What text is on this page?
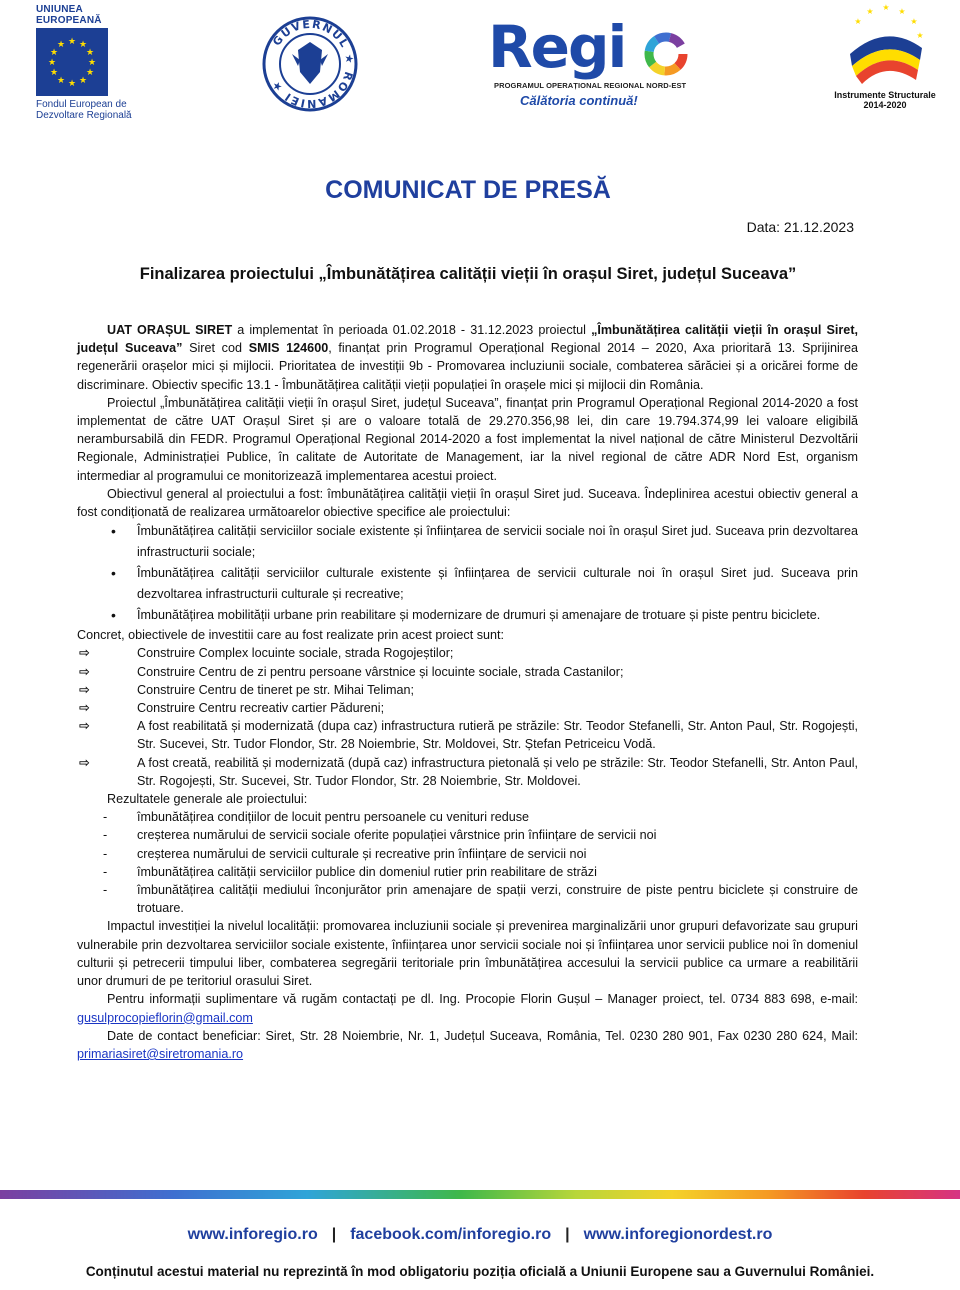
UNIUNEA EUROPEANĂ
★ ★
★
★
★
★
★
★
★
★
★
★
Fondul European de
Dezvoltare Regională
GUVERNUL ★ ROMÂNIEI ★
Regi
PROGRAMUL OPERAȚIONAL REGIONAL NORD-EST
Călătoria continuă!
★
★ ★ ★
★
★
Instrumente Structurale
2014-2020
COMUNICAT DE PRESĂ
Data: 21.12.2023
Finalizarea proiectului „Îmbunătățirea calității vieții în orașul Siret, județul Suceava”

UAT ORAȘUL SIRET a implementat în perioada 01.02.2018 - 31.12.2023 proiectul „Îmbunătățirea calității vieții în orașul Siret, județul Suceava” Siret cod SMIS 124600, finanțat prin Programul Operațional Regional 2014 – 2020, Axa prioritară 13. Sprijinirea regenerării orașelor mici și mijlocii. Prioritatea de investiții 9b - Promovarea incluziunii sociale, combaterea sărăciei și a oricărei forme de discriminare. Obiectiv specific 13.1 - Îmbunătățirea calității vieții populației în orașele mici și mijlocii din România.

Proiectul „Îmbunătățirea calității vieții în orașul Siret, județul Suceava”, finanțat prin Programul Operațional Regional 2014-2020 a fost implementat de către UAT Orașul Siret și are o valoare totală de 29.270.356,98 lei, din care 19.794.374,99 lei valoare eligibilă nerambursabilă din FEDR. Programul Operațional Regional 2014-2020 a fost implementat la nivel național de către Ministerul Dezvoltării Regionale, Administrației Publice, în calitate de Autoritate de Management, iar la nivel regional de către ADR Nord Est, organism intermediar al programului ce monitorizează implementarea acestui proiect.

Obiectivul general al proiectului a fost: îmbunătățirea calității vieții în orașul Siret jud. Suceava. Îndeplinirea acestui obiectiv general a fost condiționată de realizarea următoarelor obiective specifice ale proiectului:

• Îmbunătățirea calității serviciilor sociale existente și înființarea de servicii sociale noi în orașul Siret jud. Suceava prin dezvoltarea infrastructurii sociale;
• Îmbunătățirea calității serviciilor culturale existente și înființarea de servicii culturale noi în orașul Siret jud. Suceava prin dezvoltarea infrastructurii culturale și recreative;
• Îmbunătățirea mobilității urbane prin reabilitare și modernizare de drumuri și amenajare de trotuare și piste pentru biciclete.

Concret, obiectivele de investitii care au fost realizate prin acest proiect sunt:

⇨ Construire Complex locuinte sociale, strada Rogojeștilor;
⇨ Construire Centru de zi pentru persoane vârstnice și locuinte sociale, strada Castanilor;
⇨ Construire Centru de tineret pe str. Mihai Teliman;
⇨ Construire Centru recreativ cartier Pădureni;
⇨ A fost reabilitată și modernizată (dupa caz) infrastructura rutieră pe străzile: Str. Teodor Stefanelli, Str. Anton Paul, Str. Rogojești, Str. Sucevei, Str. Tudor Flondor, Str. 28 Noiembrie, Str. Moldovei, Str. Ștefan Petriceicu Vodă.
⇨ A fost creată, reabilită și modernizată (după caz) infrastructura pietonală și velo pe străzile: Str. Teodor Stefanelli, Str. Anton Paul, Str. Rogojești, Str. Sucevei, Str. Tudor Flondor, Str. 28 Noiembrie, Str. Moldovei.

Rezultatele generale ale proiectului:

- îmbunătățirea condițiilor de locuit pentru persoanele cu venituri reduse
- creșterea numărului de servicii sociale oferite populației vârstnice prin înființare de servicii noi
- creșterea numărului de servicii culturale și recreative prin înființare de servicii noi
- îmbunătățirea calității serviciilor publice din domeniul rutier prin reabilitare de străzi
- îmbunătățirea calității mediului înconjurător prin amenajare de spații verzi, construire de piste pentru biciclete și construire de trotuare.

Impactul investiției la nivelul localității: promovarea incluziunii sociale și prevenirea marginalizării unor grupuri defavorizate sau grupuri vulnerabile prin dezvoltarea serviciilor sociale existente, înființarea unor servicii sociale noi și înființarea unor servicii publice noi în domeniul culturii și petrecerii timpului liber, combaterea segregării teritoriale prin îmbunătățirea accesului la servicii publice ca urmare a reabilitării unor drumuri de pe teritoriul orasului Siret.

Pentru informații suplimentare vă rugăm contactați pe dl. Ing. Procopie Florin Gușul – Manager proiect, tel. 0734 883 698, e-mail: gusulprocopieflorin@gmail.com

Date de contact beneficiar: Siret, Str. 28 Noiembrie, Nr. 1, Județul Suceava, România, Tel. 0230 280 901, Fax 0230 280 624, Mail: primariasiret@siretromania.ro

www.inforegio.ro | facebook.com/inforegio.ro | www.inforegionordest.ro
Conținutul acestui material nu reprezintă în mod obligatoriu poziția oficială a Uniunii Europene sau a Guvernului României.
